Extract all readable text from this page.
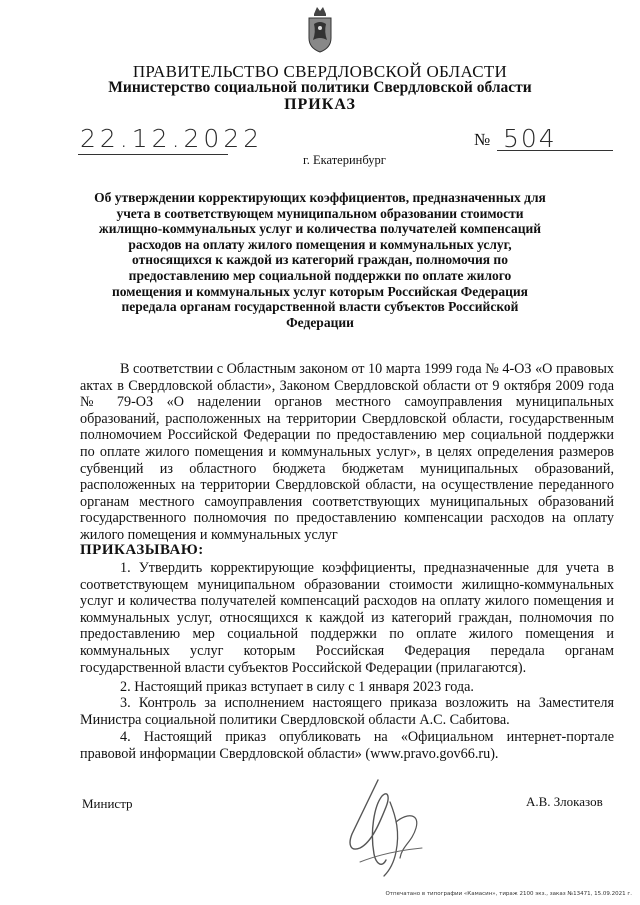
ПРАВИТЕЛЬСТВО СВЕРДЛОВСКОЙ ОБЛАСТИ
Министерство социальной политики Свердловской области
ПРИКАЗ
22.12.2022	№ 504
г. Екатеринбург
Об утверждении корректирующих коэффициентов, предназначенных для учета в соответствующем муниципальном образовании стоимости жилищно-коммунальных услуг и количества получателей компенсаций расходов на оплату жилого помещения и коммунальных услуг, относящихся к каждой из категорий граждан, полномочия по предоставлению мер социальной поддержки по оплате жилого помещения и коммунальных услуг которым Российская Федерация передала органам государственной власти субъектов Российской Федерации
В соответствии с Областным законом от 10 марта 1999 года № 4-ОЗ «О правовых актах в Свердловской области», Законом Свердловской области от 9 октября 2009 года № 79-ОЗ «О наделении органов местного самоуправления муниципальных образований, расположенных на территории Свердловской области, государственным полномочием Российской Федерации по предоставлению мер социальной поддержки по оплате жилого помещения и коммунальных услуг», в целях определения размеров субвенций из областного бюджета бюджетам муниципальных образований, расположенных на территории Свердловской области, на осуществление переданного органам местного самоуправления соответствующих муниципальных образований государственного полномочия по предоставлению компенсации расходов на оплату жилого помещения и коммунальных услуг
ПРИКАЗЫВАЮ:
1. Утвердить корректирующие коэффициенты, предназначенные для учета в соответствующем муниципальном образовании стоимости жилищно-коммунальных услуг и количества получателей компенсаций расходов на оплату жилого помещения и коммунальных услуг, относящихся к каждой из категорий граждан, полномочия по предоставлению мер социальной поддержки по оплате жилого помещения и коммунальных услуг которым Российская Федерация передала органам государственной власти субъектов Российской Федерации (прилагаются).
2. Настоящий приказ вступает в силу с 1 января 2023 года.
3. Контроль за исполнением настоящего приказа возложить на Заместителя Министра социальной политики Свердловской области А.С. Сабитова.
4. Настоящий приказ опубликовать на «Официальном интернет-портале правовой информации Свердловской области» (www.pravo.gov66.ru).
Министр	А.В. Злоказов
Отпечатано в типографии «Камасин», тираж 2100 экз., заказ №13471, 15.09.2021 г.
